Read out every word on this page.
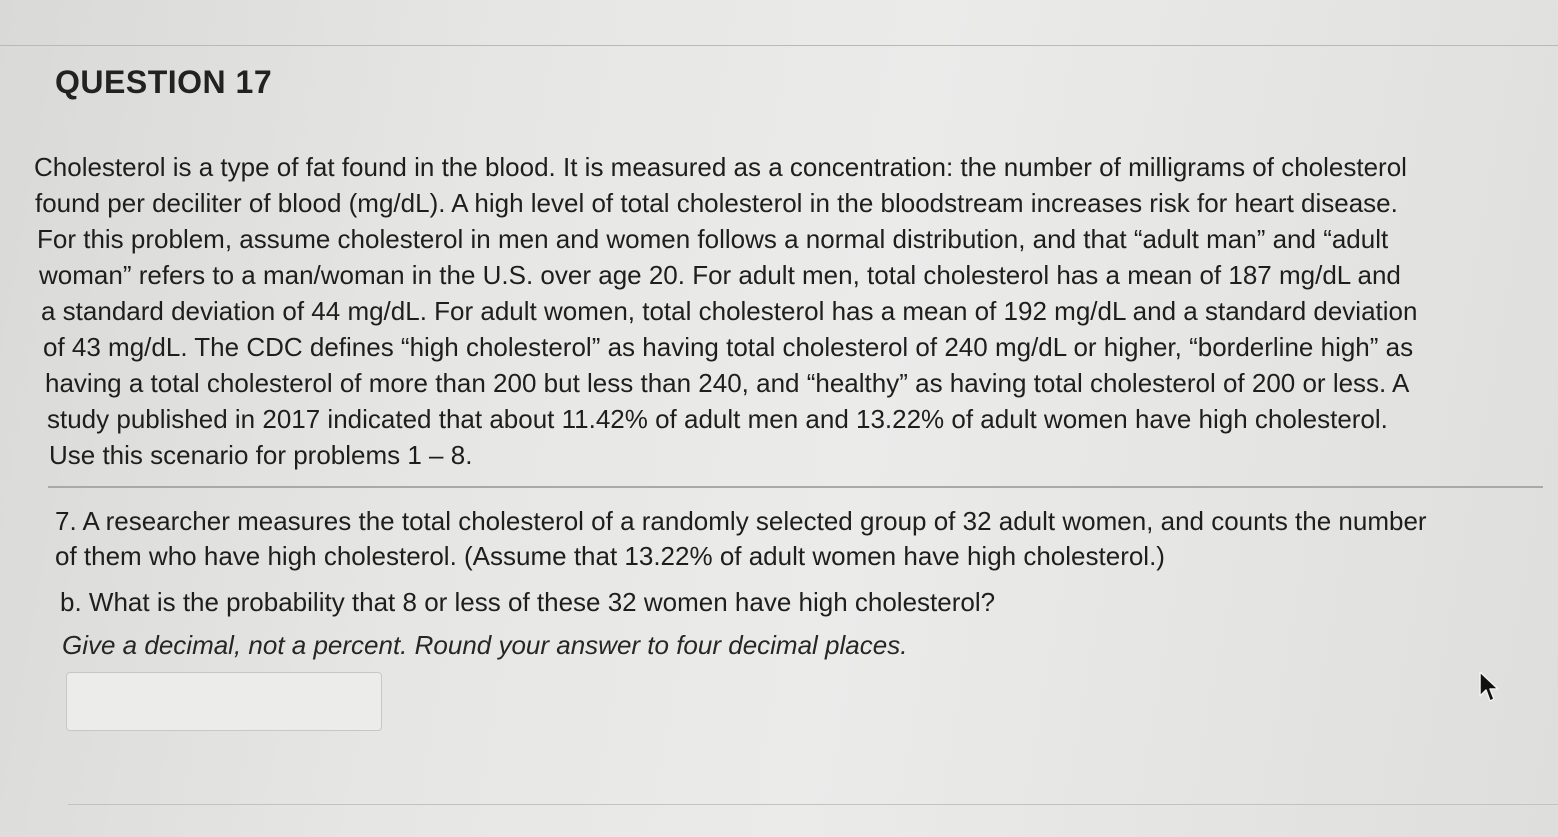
QUESTION 17
Cholesterol is a type of fat found in the blood. It is measured as a concentration: the number of milligrams of cholesterol
found per deciliter of blood (mg/dL). A high level of total cholesterol in the bloodstream increases risk for heart disease.
For this problem, assume cholesterol in men and women follows a normal distribution, and that “adult man” and “adult
woman” refers to a man/woman in the U.S. over age 20. For adult men, total cholesterol has a mean of 187 mg/dL and
a standard deviation of 44 mg/dL. For adult women, total cholesterol has a mean of 192 mg/dL and a standard deviation
of 43 mg/dL. The CDC defines “high cholesterol” as having total cholesterol of 240 mg/dL or higher, “borderline high” as
having a total cholesterol of more than 200 but less than 240, and “healthy” as having total cholesterol of 200 or less. A
study published in 2017 indicated that about 11.42% of adult men and 13.22% of adult women have high cholesterol.
Use this scenario for problems 1 – 8.
7. A researcher measures the total cholesterol of a randomly selected group of 32 adult women, and counts the number
of them who have high cholesterol. (Assume that 13.22% of adult women have high cholesterol.)
b. What is the probability that 8 or less of these 32 women have high cholesterol?
Give a decimal, not a percent. Round your answer to four decimal places.
